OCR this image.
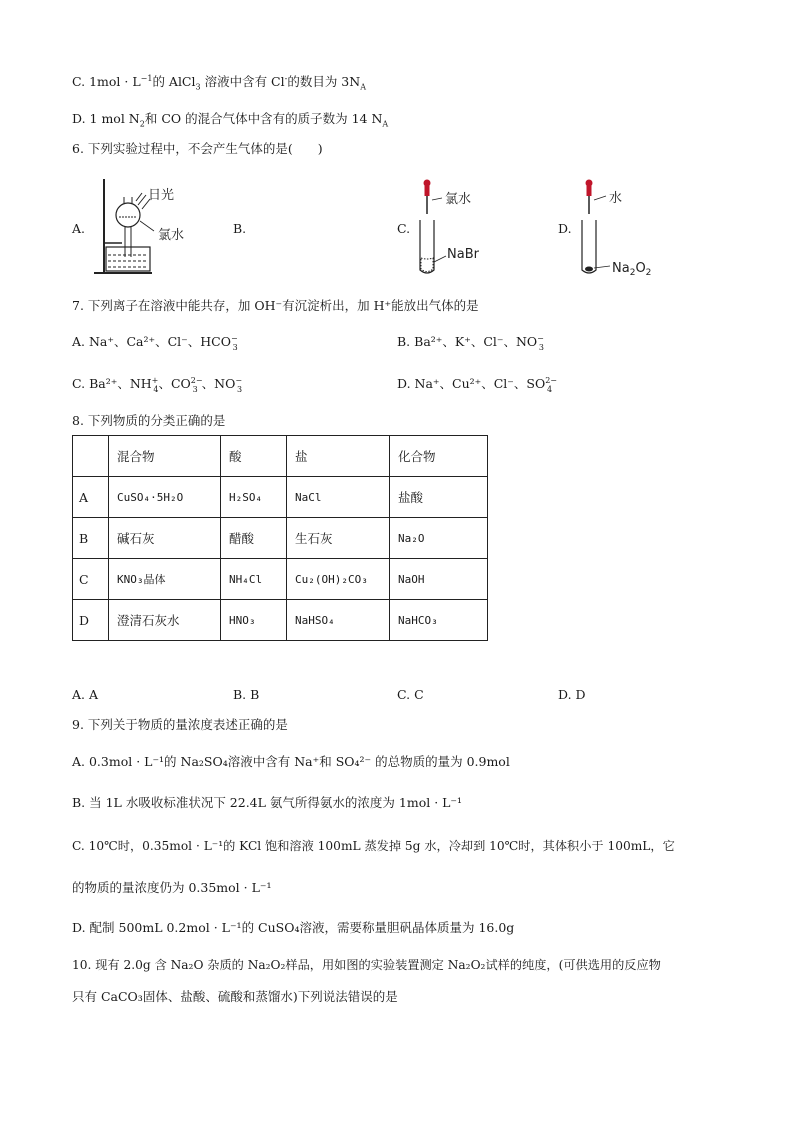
C. $1mol \cdot L^{-1}$的 AlCl$_3$ 溶液中含有 Cl-的数目为 $3N_A$
D. 1 mol $N_2$和 CO 的混合气体中含有的质子数为 14 $N_A$
6. 下列实验过程中，不会产生气体的是(　　)
A.
日光
氯水	B.	C.
氯水
NaBr
D.
水
$Na_2O_2$
7. 下列离子在溶液中能共存，加 OH⁻有沉淀析出，加 H⁺能放出气体的是
A. Na⁺、Ca²⁺、Cl⁻、$HCO^-_3$	B. Ba²⁺、K⁺、Cl⁻、$NO^-_3$
C. Ba²⁺、$NH^+_4$、$CO^{2-}_3$ 、$NO^-_3$	D. Na⁺、Cu²⁺、Cl⁻、$SO^{2-}_4$
8. 下列物质的分类正确的是
	混合物	酸	盐	化合物
A	CuSO₄·5H₂O	H₂SO₄	NaCl	盐酸
B	碱石灰	醋酸	生石灰	Na₂O
C	KNO₃晶体	NH₄Cl	Cu₂(OH)₂CO₃	NaOH
D	澄清石灰水	HNO₃	NaHSO₄	NaHCO₃
A. A	B. B	C. C	D. D
9. 下列关于物质的量浓度表述正确的是
A. 0.3mol · L⁻¹的 Na₂SO₄溶液中含有 Na⁺和 SO₄²⁻ 的总物质的量为 0.9mol
B. 当 1L 水吸收标准状况下 22.4L 氨气所得氨水的浓度为 1mol · L⁻¹
C. 10℃时，0.35mol · L⁻¹的 KCl 饱和溶液 100mL 蒸发掉 5g 水，冷却到 10℃时，其体积小于 100mL，它
的物质的量浓度仍为 0.35mol · L⁻¹
D. 配制 500mL 0.2mol · L⁻¹的 CuSO₄溶液，需要称量胆矾晶体质量为 16.0g
10. 现有 2.0g 含 Na₂O 杂质的 Na₂O₂样品，用如图的实验装置测定 Na₂O₂试样的纯度，(可供选用的反应物
只有 CaCO₃固体、盐酸、硫酸和蒸馏水)下列说法错误的是
